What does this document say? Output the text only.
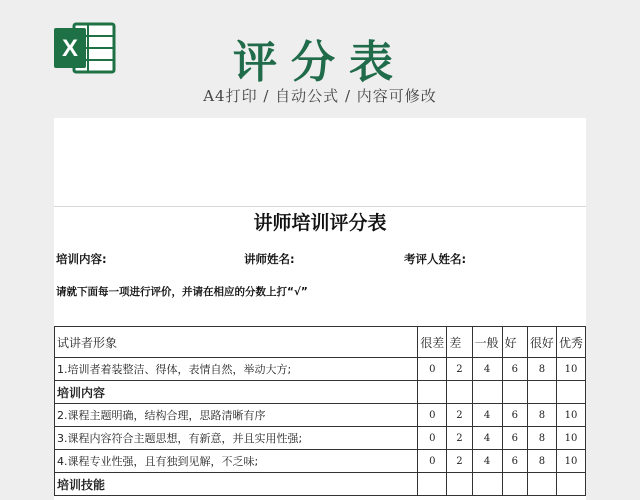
X	评分表
A4打印 / 自动公式 / 内容可修改
讲师培训评分表
培训内容:	讲师姓名:	考评人姓名:
请就下面每一项进行评价，并请在相应的分数上打“√”
试讲者形象	很差	差	一般	好	很好	优秀
1.培训者着装整洁、得体，表情自然，举动大方;	0	2	4	6	8	10
培训内容						
2.课程主题明确，结构合理，思路清晰有序	0	2	4	6	8	10
3.课程内容符合主题思想，有新意，并且实用性强;	0	2	4	6	8	10
4.课程专业性强，且有独到见解，不乏味;	0	2	4	6	8	10
培训技能						
